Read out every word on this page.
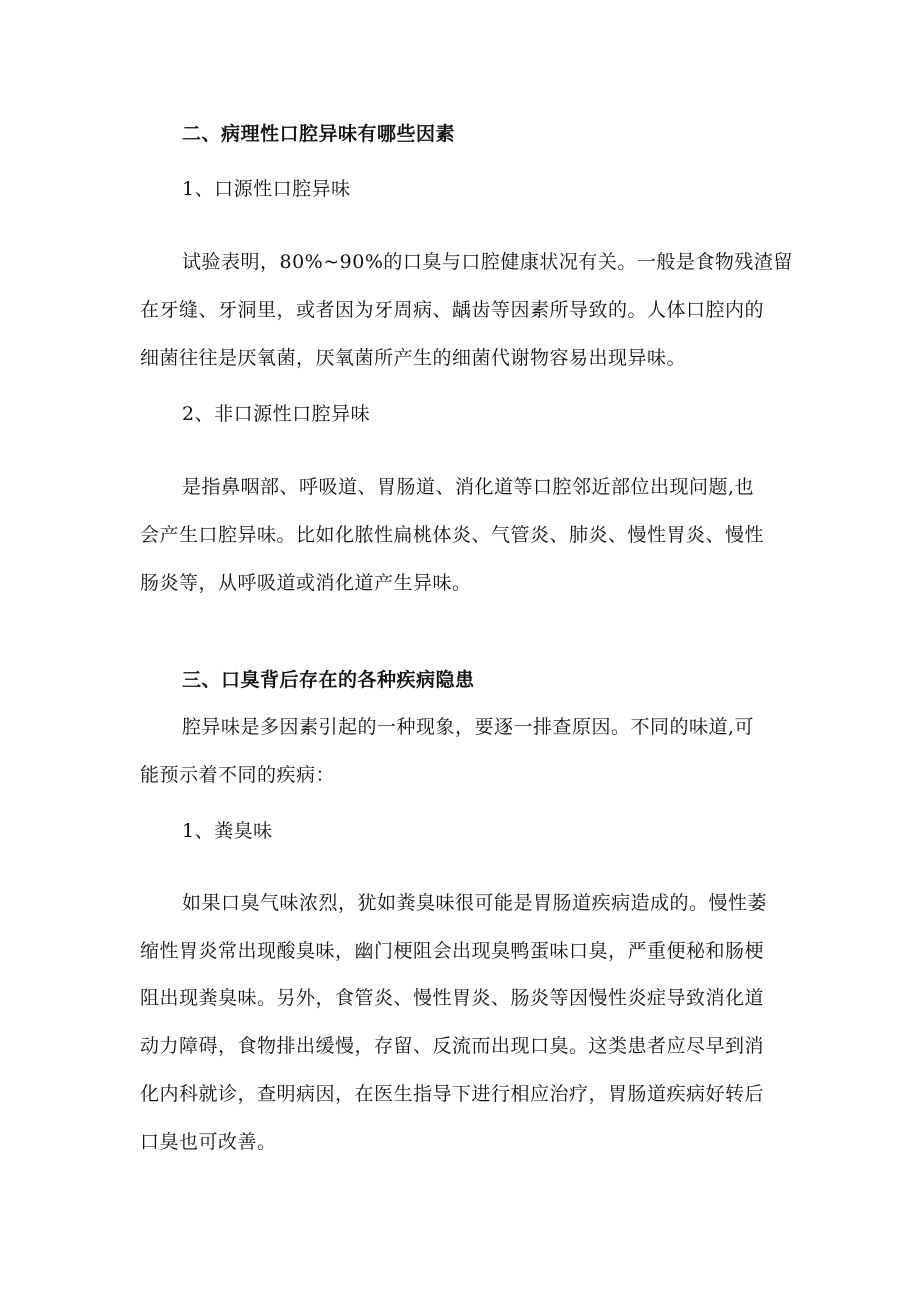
二、病理性口腔异味有哪些因素
1、口源性口腔异味
试验表明，80%~90%的口臭与口腔健康状况有关。一般是食物残渣留
在牙缝、牙洞里，或者因为牙周病、龋齿等因素所导致的。人体口腔内的
细菌往往是厌氧菌，厌氧菌所产生的细菌代谢物容易出现异味。
2、非口源性口腔异味
是指鼻咽部、呼吸道、胃肠道、消化道等口腔邻近部位出现问题,也
会产生口腔异味。比如化脓性扁桃体炎、气管炎、肺炎、慢性胃炎、慢性
肠炎等，从呼吸道或消化道产生异味。
三、口臭背后存在的各种疾病隐患
腔异味是多因素引起的一种现象，要逐一排查原因。不同的味道,可
能预示着不同的疾病：
1、粪臭味
如果口臭气味浓烈，犹如粪臭味很可能是胃肠道疾病造成的。慢性萎
缩性胃炎常出现酸臭味，幽门梗阻会出现臭鸭蛋味口臭，严重便秘和肠梗
阻出现粪臭味。另外，食管炎、慢性胃炎、肠炎等因慢性炎症导致消化道
动力障碍，食物排出缓慢，存留、反流而出现口臭。这类患者应尽早到消
化内科就诊，查明病因，在医生指导下进行相应治疗，胃肠道疾病好转后
口臭也可改善。
